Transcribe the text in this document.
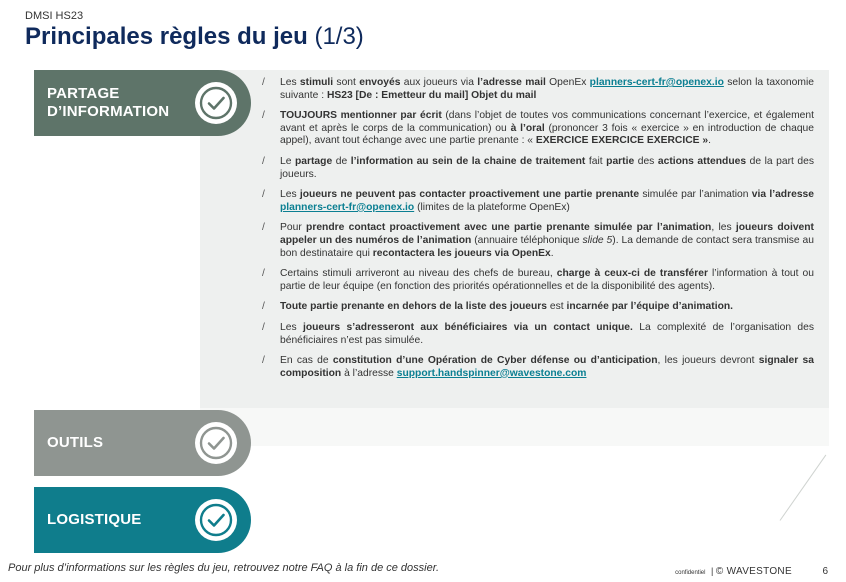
DMSI HS23
Principales règles du jeu (1/3)
PARTAGE
D’INFORMATION
OUTILS
LOGISTIQUE
/ Les stimuli sont envoyés aux joueurs via l’adresse mail OpenEx planners-cert-fr@openex.io selon la taxonomie suivante : HS23 [De : Emetteur du mail] Objet du mail
/ TOUJOURS mentionner par écrit (dans l’objet de toutes vos communications concernant l’exercice, et également avant et après le corps de la communication) ou à l’oral (prononcer 3 fois « exercice » en introduction de chaque appel), avant tout échange avec une partie prenante : « EXERCICE EXERCICE EXERCICE ».
/ Le partage de l’information au sein de la chaine de traitement fait partie des actions attendues de la part des joueurs.
/ Les joueurs ne peuvent pas contacter proactivement une partie prenante simulée par l’animation via l’adresse planners-cert-fr@openex.io (limites de la plateforme OpenEx)
/ Pour prendre contact proactivement avec une partie prenante simulée par l’animation, les joueurs doivent appeler un des numéros de l’animation (annuaire téléphonique slide 5). La demande de contact sera transmise au bon destinataire qui recontactera les joueurs via OpenEx.
/ Certains stimuli arriveront au niveau des chefs de bureau, charge à ceux-ci de transférer l’information à tout ou partie de leur équipe (en fonction des priorités opérationnelles et de la disponibilité des agents).
/ Toute partie prenante en dehors de la liste des joueurs est incarnée par l’équipe d’animation.
/ Les joueurs s’adresseront aux bénéficiaires via un contact unique. La complexité de l’organisation des bénéficiaires n’est pas simulée.
/ En cas de constitution d’une Opération de Cyber défense ou d’anticipation, les joueurs devront signaler sa composition à l’adresse support.handspinner@wavestone.com
Pour plus d’informations sur les règles du jeu, retrouvez notre FAQ à la fin de ce dossier.	confidentiel | © WAVESTONE	6
